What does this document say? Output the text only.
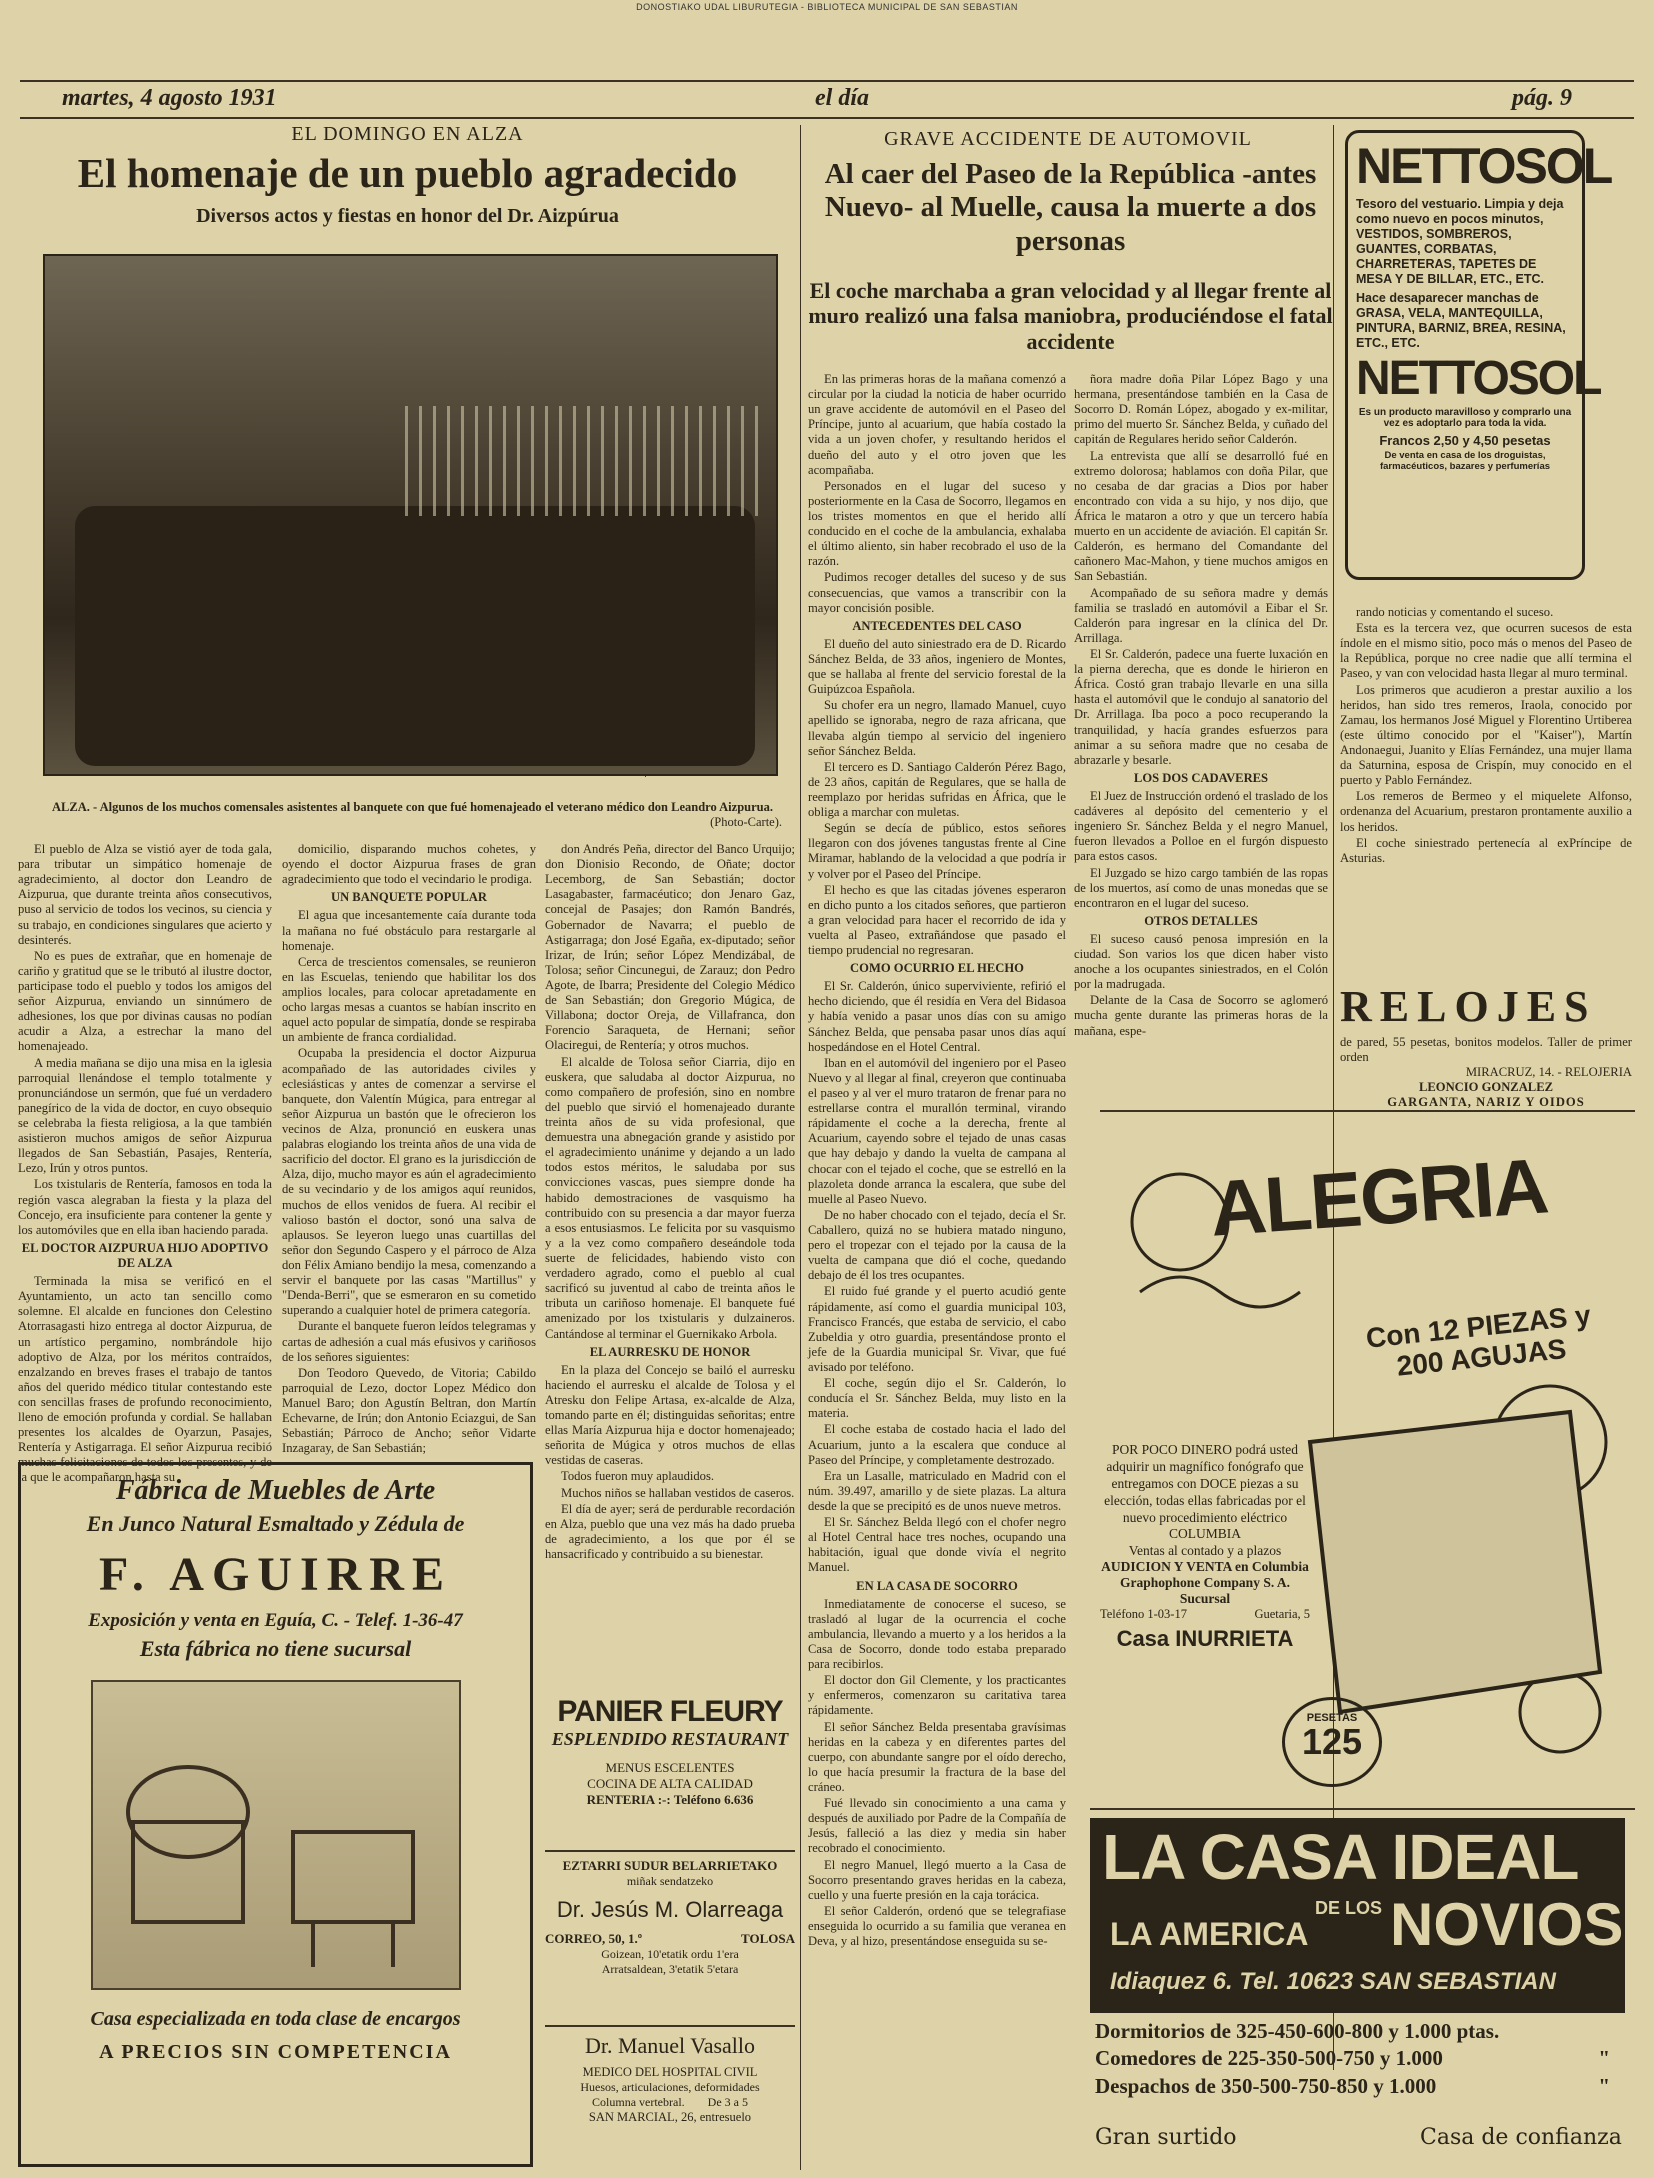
DONOSTIAKO UDAL LIBURUTEGIA - BIBLIOTECA MUNICIPAL DE SAN SEBASTIAN
martes, 4 agosto 1931	el día	pág. 9
EL DOMINGO EN ALZA
El homenaje de un pueblo agradecido
Diversos actos y fiestas en honor del Dr. Aizpúrua
ALZA. - Algunos de los muchos comensales asistentes al banquete con que fué homenajeado el veterano médico don Leandro Aizpurua.
(Photo-Carte).

El pueblo de Alza se vistió ayer de toda gala, para tributar un simpático homenaje de agradecimiento, al doctor don Leandro de Aizpurua, que durante treinta años consecutivos, puso al servicio de todos los vecinos, su ciencia y su trabajo, en condiciones singulares que acierto y desinterés.

No es pues de extrañar, que en homenaje de cariño y gratitud que se le tributó al ilustre doctor, participase todo el pueblo y todos los amigos del señor Aizpurua, enviando un sinnúmero de adhesiones, los que por divinas causas no podían acudir a Alza, a estrechar la mano del homenajeado.

A media mañana se dijo una misa en la iglesia parroquial llenándose el templo totalmente y pronunciándose un sermón, que fué un verdadero panegírico de la vida de doctor, en cuyo obsequio se celebraba la fiesta religiosa, a la que también asistieron muchos amigos de señor Aizpurua llegados de San Sebastián, Pasajes, Rentería, Lezo, Irún y otros puntos.

Los txistularis de Rentería, famosos en toda la región vasca alegraban la fiesta y la plaza del Concejo, era insuficiente para contener la gente y los automóviles que en ella iban haciendo parada.

EL DOCTOR AIZPURUA HIJO ADOPTIVO DE ALZA

Terminada la misa se verificó en el Ayuntamiento, un acto tan sencillo como solemne. El alcalde en funciones don Celestino Atorrasagasti hizo entrega al doctor Aizpurua, de un artístico pergamino, nombrándole hijo adoptivo de Alza, por los méritos contraídos, enzalzando en breves frases el trabajo de tantos años del querido médico titular contestando este con sencillas frases de profundo reconocimiento, lleno de emoción profunda y cordial. Se hallaban presentes los alcaldes de Oyarzun, Pasajes, Rentería y Astigarraga. El señor Aizpurua recibió muchas felicitaciones de todos los presentes, y de la que le acompañaron hasta su

domicilio, disparando muchos cohetes, y oyendo el doctor Aizpurua frases de gran agradecimiento que todo el vecindario le prodiga.

UN BANQUETE POPULAR

El agua que incesantemente caía durante toda la mañana no fué obstáculo para restargarle al homenaje.

Cerca de trescientos comensales, se reunieron en las Escuelas, teniendo que habilitar los dos amplios locales, para colocar apretadamente en ocho largas mesas a cuantos se habían inscrito en aquel acto popular de simpatía, donde se respiraba un ambiente de franca cordialidad.

Ocupaba la presidencia el doctor Aizpurua acompañado de las autoridades civiles y eclesiásticas y antes de comenzar a servirse el banquete, don Valentín Múgica, para entregar al señor Aizpurua un bastón que le ofrecieron los vecinos de Alza, pronunció en euskera unas palabras elogiando los treinta años de una vida de sacrificio del doctor. El grano es la jurisdicción de Alza, dijo, mucho mayor es aún el agradecimiento de su vecindario y de los amigos aquí reunidos, muchos de ellos venidos de fuera. Al recibir el valioso bastón el doctor, sonó una salva de aplausos. Se leyeron luego unas cuartillas del señor don Segundo Caspero y el párroco de Alza don Félix Amiano bendijo la mesa, comenzando a servir el banquete por las casas "Martillus" y "Denda-Berri", que se esmeraron en su cometido superando a cualquier hotel de primera categoría.

Durante el banquete fueron leídos telegramas y cartas de adhesión a cual más efusivos y cariñosos de los señores siguientes:

Don Teodoro Quevedo, de Vitoria; Cabildo parroquial de Lezo, doctor Lopez Médico don Manuel Baro; don Agustín Beltran, don Martín Echevarne, de Irún; don Antonio Eciazgui, de San Sebastián; Párroco de Ancho; señor Vidarte Inzagaray, de San Sebastián;

don Andrés Peña, director del Banco Urquijo; don Dionisio Recondo, de Oñate; doctor Lecemborg, de San Sebastián; doctor Lasagabaster, farmacéutico; don Jenaro Gaz, concejal de Pasajes; don Ramón Bandrés, Gobernador de Navarra; el pueblo de Astigarraga; don José Egaña, ex-diputado; señor Irizar, de Irún; señor López Mendizábal, de Tolosa; señor Cincunegui, de Zarauz; don Pedro Agote, de Ibarra; Presidente del Colegio Médico de San Sebastián; don Gregorio Múgica, de Villabona; doctor Oreja, de Villafranca, don Forencio Saraqueta, de Hernani; señor Olaciregui, de Rentería; y otros muchos.

El alcalde de Tolosa señor Ciarria, dijo en euskera, que saludaba al doctor Aizpurua, no como compañero de profesión, sino en nombre del pueblo que sirvió el homenajeado durante treinta años de su vida profesional, que demuestra una abnegación grande y asistido por el agradecimiento unánime y dejando a un lado todos estos méritos, le saludaba por sus convicciones vascas, pues siempre donde ha habido demostraciones de vasquismo ha contribuido con su presencia a dar mayor fuerza a esos entusiasmos. Le felicita por su vasquismo y a la vez como compañero deseándole toda suerte de felicidades, habiendo visto con verdadero agrado, como el pueblo al cual sacrificó su juventud al cabo de treinta años le tributa un cariñoso homenaje. El banquete fué amenizado por los txistularis y dulzaineros. Cantándose al terminar el Guernikako Arbola.

EL AURRESKU DE HONOR

En la plaza del Concejo se bailó el aurresku haciendo el aurresku el alcalde de Tolosa y el Atresku don Felipe Artasa, ex-alcalde de Alza, tomando parte en él; distinguidas señoritas; entre ellas María Aizpurua hija e doctor homenajeado; señorita de Múgica y otros muchos de ellas vestidas de caseras.

Todos fueron muy aplaudidos.

Muchos niños se hallaban vestidos de caseros.

El día de ayer; será de perdurable recordación en Alza, pueblo que una vez más ha dado prueba de agradecimiento, a los que por él se hansacrificado y contribuido a su bienestar.

Fábrica de Muebles de Arte
En Junco Natural Esmaltado y Zédula de
F. AGUIRRE
Exposición y venta en Eguía, C. - Telef. 1-36-47
Esta fábrica no tiene sucursal
Casa especializada en toda clase de encargos
A PRECIOS SIN COMPETENCIA
PANIER FLEURY
ESPLENDIDO RESTAURANT
MENUS ESCELENTES
COCINA DE ALTA CALIDAD
RENTERIA :-: Teléfono 6.636
EZTARRI SUDUR BELARRIETAKO
miñak sendatzeko
Dr. Jesús M. Olarreaga
CORREO, 50, 1.º	TOLOSA
Goizean, 10'etatik ordu 1'era
Arratsaldean, 3'etatik 5'etara
Dr. Manuel Vasallo
MEDICO DEL HOSPITAL CIVIL
Huesos, articulaciones, deformidades
Columna vertebral. De 3 a 5
SAN MARCIAL, 26, entresuelo
GRAVE ACCIDENTE DE AUTOMOVIL
Al caer del Paseo de la República -antes Nuevo- al Muelle, causa la muerte a dos personas
El coche marchaba a gran velocidad y al llegar frente al muro realizó una falsa maniobra, produciéndose el fatal accidente

En las primeras horas de la mañana comenzó a circular por la ciudad la noticia de haber ocurrido un grave accidente de automóvil en el Paseo del Príncipe, junto al acuarium, que había costado la vida a un joven chofer, y resultando heridos el dueño del auto y el otro joven que les acompañaba.

Personados en el lugar del suceso y posteriormente en la Casa de Socorro, llegamos en los tristes momentos en que el herido allí conducido en el coche de la ambulancia, exhalaba el último aliento, sin haber recobrado el uso de la razón.

Pudimos recoger detalles del suceso y de sus consecuencias, que vamos a transcribir con la mayor concisión posible.

ANTECEDENTES DEL CASO

El dueño del auto siniestrado era de D. Ricardo Sánchez Belda, de 33 años, ingeniero de Montes, que se hallaba al frente del servicio forestal de la Guipúzcoa Española.

Su chofer era un negro, llamado Manuel, cuyo apellido se ignoraba, negro de raza africana, que llevaba algún tiempo al servicio del ingeniero señor Sánchez Belda.

El tercero es D. Santiago Calderón Pérez Bago, de 23 años, capitán de Regulares, que se halla de reemplazo por heridas sufridas en África, que le obliga a marchar con muletas.

Según se decía de público, estos señores llegaron con dos jóvenes tangustas frente al Cine Miramar, hablando de la velocidad a que podría ir y volver por el Paseo del Príncipe.

El hecho es que las citadas jóvenes esperaron en dicho punto a los citados señores, que partieron a gran velocidad para hacer el recorrido de ida y vuelta al Paseo, extrañándose que pasado el tiempo prudencial no regresaran.

COMO OCURRIO EL HECHO

El Sr. Calderón, único superviviente, refirió el hecho diciendo, que él residía en Vera del Bidasoa y había venido a pasar unos días con su amigo Sánchez Belda, que pensaba pasar unos días aquí hospedándose en el Hotel Central.

Iban en el automóvil del ingeniero por el Paseo Nuevo y al llegar al final, creyeron que continuaba el paseo y al ver el muro trataron de frenar para no estrellarse contra el murallón terminal, virando rápidamente el coche a la derecha, frente al Acuarium, cayendo sobre el tejado de unas casas que hay debajo y dando la vuelta de campana al chocar con el tejado el coche, que se estrelló en la plazoleta donde arranca la escalera, que sube del muelle al Paseo Nuevo.

De no haber chocado con el tejado, decía el Sr. Caballero, quizá no se hubiera matado ninguno, pero el tropezar con el tejado por la causa de la vuelta de campana que dió el coche, quedando debajo de él los tres ocupantes.

El ruido fué grande y el puerto acudió gente rápidamente, así como el guardia municipal 103, Francisco Francés, que estaba de servicio, el cabo Zubeldia y otro guardia, presentándose pronto el jefe de la Guardia municipal Sr. Vivar, que fué avisado por teléfono.

El coche, según dijo el Sr. Calderón, lo conducía el Sr. Sánchez Belda, muy listo en la materia.

El coche estaba de costado hacia el lado del Acuarium, junto a la escalera que conduce al Paseo del Príncipe, y completamente destrozado.

Era un Lasalle, matriculado en Madrid con el núm. 39.497, amarillo y de siete plazas. La altura desde la que se precipitó es de unos nueve metros.

El Sr. Sánchez Belda llegó con el chofer negro al Hotel Central hace tres noches, ocupando una habitación, igual que donde vivía el negrito Manuel.

EN LA CASA DE SOCORRO

Inmediatamente de conocerse el suceso, se trasladó al lugar de la ocurrencia el coche ambulancia, llevando a muerto y a los heridos a la Casa de Socorro, donde todo estaba preparado para recibirlos.

El doctor don Gil Clemente, y los practicantes y enfermeros, comenzaron su caritativa tarea rápidamente.

El señor Sánchez Belda presentaba gravísimas heridas en la cabeza y en diferentes partes del cuerpo, con abundante sangre por el oído derecho, lo que hacía presumir la fractura de la base del cráneo.

Fué llevado sin conocimiento a una cama y después de auxiliado por Padre de la Compañía de Jesús, falleció a las diez y media sin haber recobrado el conocimiento.

El negro Manuel, llegó muerto a la Casa de Socorro presentando graves heridas en la cabeza, cuello y una fuerte presión en la caja torácica.

El señor Calderón, ordenó que se telegrafiase enseguida lo ocurrido a su familia que veranea en Deva, y al hizo, presentándose enseguida su se-

ñora madre doña Pilar López Bago y una hermana, presentándose también en la Casa de Socorro D. Román López, abogado y ex-militar, primo del muerto Sr. Sánchez Belda, y cuñado del capitán de Regulares herido señor Calderón.

La entrevista que allí se desarrolló fué en extremo dolorosa; hablamos con doña Pilar, que no cesaba de dar gracias a Dios por haber encontrado con vida a su hijo, y nos dijo, que África le mataron a otro y que un tercero había muerto en un accidente de aviación. El capitán Sr. Calderón, es hermano del Comandante del cañonero Mac-Mahon, y tiene muchos amigos en San Sebastián.

Acompañado de su señora madre y demás familia se trasladó en automóvil a Eibar el Sr. Calderón para ingresar en la clínica del Dr. Arrillaga.

El Sr. Calderón, padece una fuerte luxación en la pierna derecha, que es donde le hirieron en África. Costó gran trabajo llevarle en una silla hasta el automóvil que le condujo al sanatorio del Dr. Arrillaga. Iba poco a poco recuperando la tranquilidad, y hacía grandes esfuerzos para animar a su señora madre que no cesaba de abrazarle y besarle.

LOS DOS CADAVERES

El Juez de Instrucción ordenó el traslado de los cadáveres al depósito del cementerio y el ingeniero Sr. Sánchez Belda y el negro Manuel, fueron llevados a Polloe en el furgón dispuesto para estos casos.

El Juzgado se hizo cargo también de las ropas de los muertos, así como de unas monedas que se encontraron en el lugar del suceso.

OTROS DETALLES

El suceso causó penosa impresión en la ciudad. Son varios los que dicen haber visto anoche a los ocupantes siniestrados, en el Colón por la madrugada.

Delante de la Casa de Socorro se aglomeró mucha gente durante las primeras horas de la mañana, espe-

rando noticias y comentando el suceso.

Esta es la tercera vez, que ocurren sucesos de esta índole en el mismo sitio, poco más o menos del Paseo de la República, porque no cree nadie que allí termina el Paseo, y van con velocidad hasta llegar al muro terminal.

Los primeros que acudieron a prestar auxilio a los heridos, han sido tres remeros, Iraola, conocido por Zamau, los hermanos José Miguel y Florentino Urtiberea (este último conocido por el "Kaiser"), Martín Andonaegui, Juanito y Elías Fernández, una mujer llama da Saturnina, esposa de Crispín, muy conocido en el puerto y Pablo Fernández.

Los remeros de Bermeo y el miquelete Alfonso, ordenanza del Acuarium, prestaron prontamente auxilio a los heridos.

El coche siniestrado pertenecía al exPríncipe de Asturias.

NETTOSOL
Tesoro del vestuario. Limpia y deja como nuevo en pocos minutos, VESTIDOS, SOMBREROS, GUANTES, CORBATAS, CHARRETERAS, TAPETES DE MESA Y DE BILLAR, ETC., ETC.
Hace desaparecer manchas de GRASA, VELA, MANTEQUILLA, PINTURA, BARNIZ, BREA, RESINA, ETC., ETC.
NETTOSOL
Es un producto maravilloso y comprarlo una vez es adoptarlo para toda la vida.
Francos 2,50 y 4,50 pesetas
De venta en casa de los droguistas, farmacéuticos, bazares y perfumerías
RELOJES
de pared, 55 pesetas, bonitos modelos. Taller de primer orden
MIRACRUZ, 14. - RELOJERIA
LEONCIO GONZALEZ
GARGANTA, NARIZ Y OIDOS
ALEGRIA
Con 12 PIEZAS y 200 AGUJAS
POR POCO DINERO podrá usted adquirir un magnífico fonógrafo que entregamos con DOCE piezas a su elección, todas ellas fabricadas por el nuevo procedimiento eléctrico COLUMBIA
Ventas al contado y a plazos
AUDICION Y VENTA en Columbia Graphophone Company S. A. Sucursal
Teléfono 1-03-17	Guetaria, 5
Casa INURRIETA
PESETAS
125
LA CASA IDEAL
DE LOS
LA AMERICA NOVIOS
Idiaquez 6. Tel. 10623 SAN SEBASTIAN
Dormitorios de 325-450-600-800 y 1.000 ptas.
Comedores de 225-350-500-750 y 1.000	"
Despachos de 350-500-750-850 y 1.000	"
Gran surtido	Casa de confianza
